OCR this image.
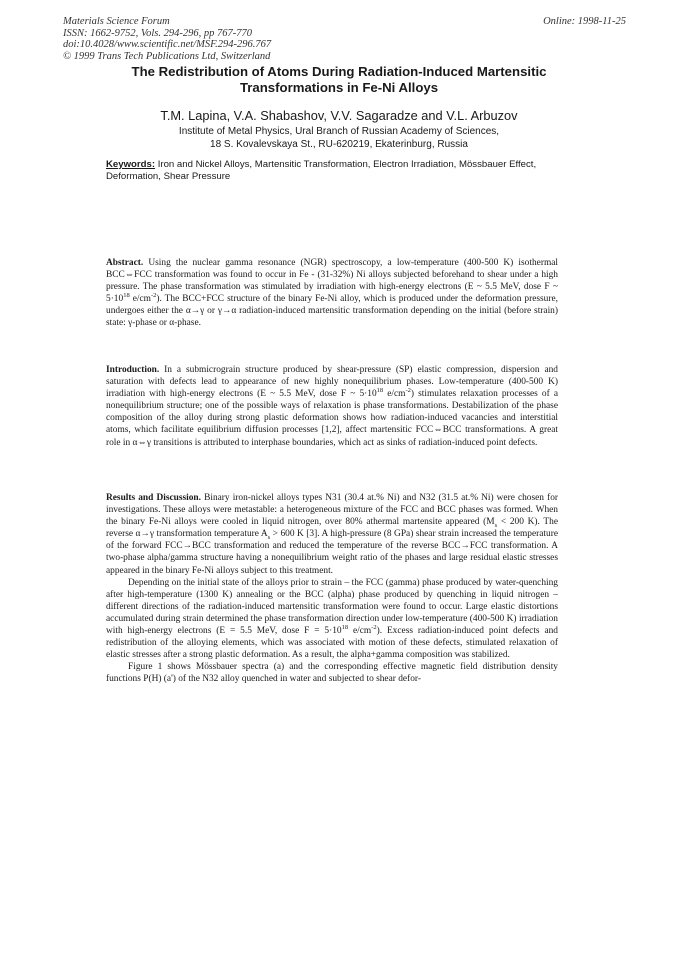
Materials Science Forum
ISSN: 1662-9752, Vols. 294-296, pp 767-770
doi:10.4028/www.scientific.net/MSF.294-296.767
© 1999 Trans Tech Publications Ltd, Switzerland
Online: 1998-11-25
The Redistribution of Atoms During Radiation-Induced Martensitic
Transformations in Fe-Ni Alloys
T.M. Lapina, V.A. Shabashov, V.V. Sagaradze and V.L. Arbuzov
Institute of Metal Physics, Ural Branch of Russian Academy of Sciences,
18 S. Kovalevskaya St., RU-620219, Ekaterinburg, Russia
Keywords: Iron and Nickel Alloys, Martensitic Transformation, Electron Irradiation, Mössbauer Effect, Deformation, Shear Pressure

Abstract. Using the nuclear gamma resonance (NGR) spectroscopy, a low-temperature (400-500 K) isothermal BCC⇔FCC transformation was found to occur in Fe - (31-32%) Ni alloys subjected beforehand to shear under a high pressure. The phase transformation was stimulated by irradiation with high-energy electrons (E ~ 5.5 MeV, dose F ~ $5\cdot 10^{18}$ $e/cm^{-2}$). The BCC+FCC structure of the binary Fe-Ni alloy, which is produced under the deformation pressure, undergoes either the α→γ or γ→α radiation-induced martensitic transformation depending on the initial (before strain) state: γ-phase or α-phase.

Introduction. In a submicrograin structure produced by shear-pressure (SP) elastic compression, dispersion and saturation with defects lead to appearance of new highly nonequilibrium phases. Low-temperature (400-500 K) irradiation with high-energy electrons (E ~ 5.5 MeV, dose F ~ $5\cdot 10^{18}$ $e/cm^{-2}$) stimulates relaxation processes of a nonequilibrium structure; one of the possible ways of relaxation is phase transformations. Destabilization of the phase composition of the alloy during strong plastic deformation shows how radiation-induced vacancies and interstitial atoms, which facilitate equilibrium diffusion processes [1,2], affect martensitic FCC⇔BCC transformations. A great role in α⇔γ transitions is attributed to interphase boundaries, which act as sinks of radiation-induced point defects.

Results and Discussion. Binary iron-nickel alloys types N31 (30.4 at.% Ni) and N32 (31.5 at.% Ni) were chosen for investigations. These alloys were metastable: a heterogeneous mixture of the FCC and BCC phases was formed. When the binary Fe-Ni alloys were cooled in liquid nitrogen, over 80% athermal martensite appeared ($M_s < 200$ K). The reverse α→γ transformation temperature $A_s > 600$ K [3]. A high-pressure (8 GPa) shear strain increased the temperature of the forward FCC→BCC transformation and reduced the temperature of the reverse BCC→FCC transformation. A two-phase alpha/gamma structure having a nonequilibrium weight ratio of the phases and large residual elastic stresses appeared in the binary Fe-Ni alloys subject to this treatment.

Depending on the initial state of the alloys prior to strain – the FCC (gamma) phase produced by water-quenching after high-temperature (1300 K) annealing or the BCC (alpha) phase produced by quenching in liquid nitrogen – different directions of the radiation-induced martensitic transformation were found to occur. Large elastic distortions accumulated during strain determined the phase transformation direction under low-temperature (400-500 K) irradiation with high-energy electrons (E = 5.5 MeV, dose $F = 5\cdot 10^{18}$ $e/cm^{-2}$). Excess radiation-induced point defects and redistribution of the alloying elements, which was associated with motion of these defects, stimulated relaxation of elastic stresses after a strong plastic deformation. As a result, the alpha+gamma composition was stabilized.

Figure 1 shows Mössbauer spectra (a) and the corresponding effective magnetic field distribution density functions P(H) (a') of the N32 alloy quenched in water and subjected to shear defor-
